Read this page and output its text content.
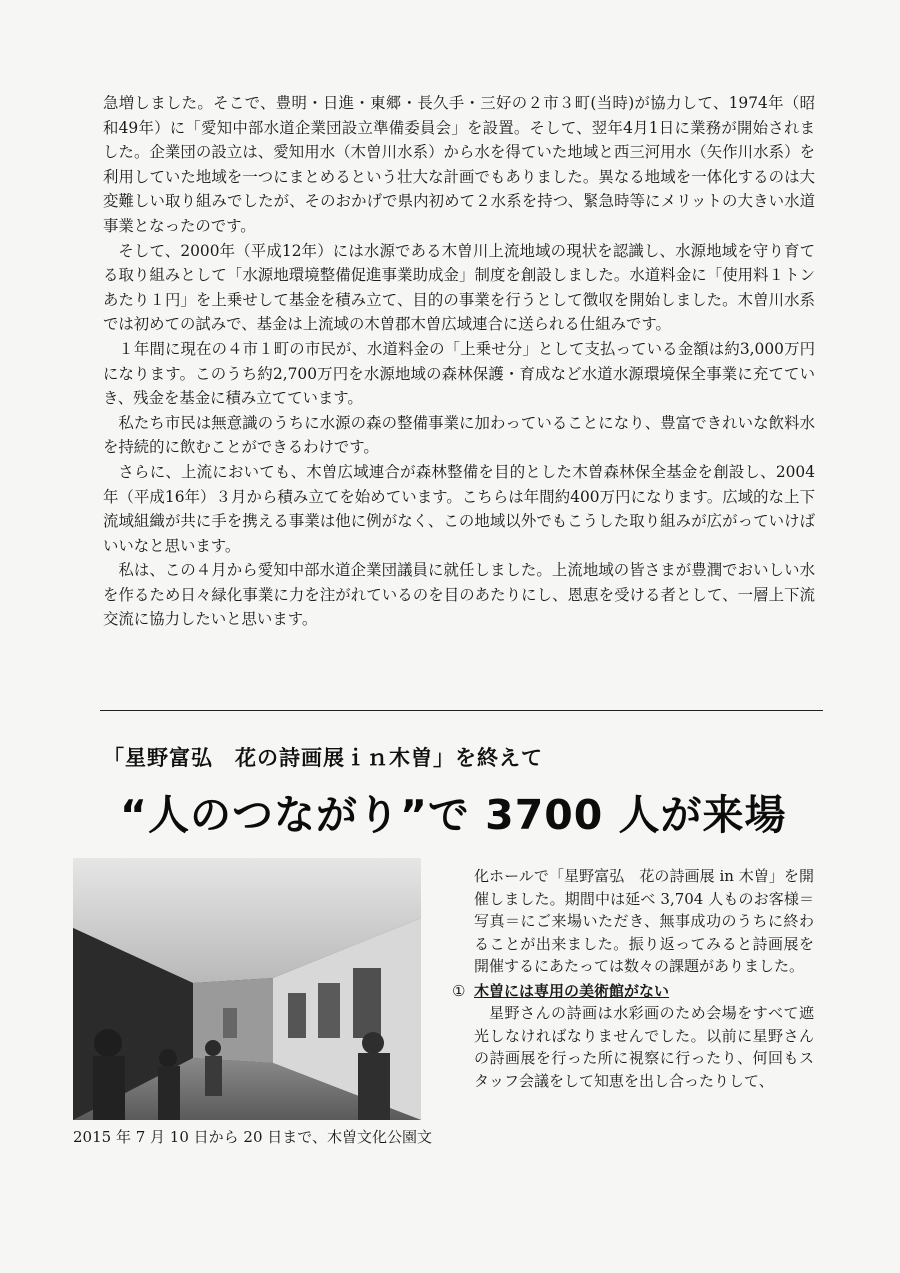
急増しました。そこで、豊明・日進・東郷・長久手・三好の２市３町(当時)が協力して、1974年（昭和49年）に「愛知中部水道企業団設立準備委員会」を設置。そして、翌年4月1日に業務が開始されました。企業団の設立は、愛知用水（木曽川水系）から水を得ていた地域と西三河用水（矢作川水系）を利用していた地域を一つにまとめるという壮大な計画でもありました。異なる地域を一体化するのは大変難しい取り組みでしたが、そのおかげで県内初めて２水系を持つ、緊急時等にメリットの大きい水道事業となったのです。

そして、2000年（平成12年）には水源である木曽川上流地域の現状を認識し、水源地域を守り育てる取り組みとして「水源地環境整備促進事業助成金」制度を創設しました。水道料金に「使用料１トンあたり１円」を上乗せして基金を積み立て、目的の事業を行うとして徴収を開始しました。木曽川水系では初めての試みで、基金は上流域の木曽郡木曽広域連合に送られる仕組みです。

１年間に現在の４市１町の市民が、水道料金の「上乗せ分」として支払っている金額は約3,000万円になります。このうち約2,700万円を水源地域の森林保護・育成など水道水源環境保全事業に充てていき、残金を基金に積み立てています。

私たち市民は無意識のうちに水源の森の整備事業に加わっていることになり、豊富できれいな飲料水を持続的に飲むことができるわけです。

さらに、上流においても、木曽広域連合が森林整備を目的とした木曽森林保全基金を創設し、2004年（平成16年）３月から積み立てを始めています。こちらは年間約400万円になります。広域的な上下流域組織が共に手を携える事業は他に例がなく、この地域以外でもこうした取り組みが広がっていけばいいなと思います。

私は、この４月から愛知中部水道企業団議員に就任しました。上流地域の皆さまが豊潤でおいしい水を作るため日々緑化事業に力を注がれているのを目のあたりにし、恩恵を受ける者として、一層上下流交流に協力したいと思います。

「星野富弘　花の詩画展ｉｎ木曽」を終えて
“人のつながり”で 3700 人が来場
2015 年 7 月 10 日から 20 日まで、木曽文化公園文

化ホールで「星野富弘　花の詩画展 in 木曽」を開催しました。期間中は延べ 3,704 人ものお客様＝写真＝にご来場いただき、無事成功のうちに終わることが出来ました。振り返ってみると詩画展を開催するにあたっては数々の課題がありました。

① 木曽には専用の美術館がない

星野さんの詩画は水彩画のため会場をすべて遮光しなければなりませんでした。以前に星野さんの詩画展を行った所に視察に行ったり、何回もスタッフ会議をして知恵を出し合ったりして、
